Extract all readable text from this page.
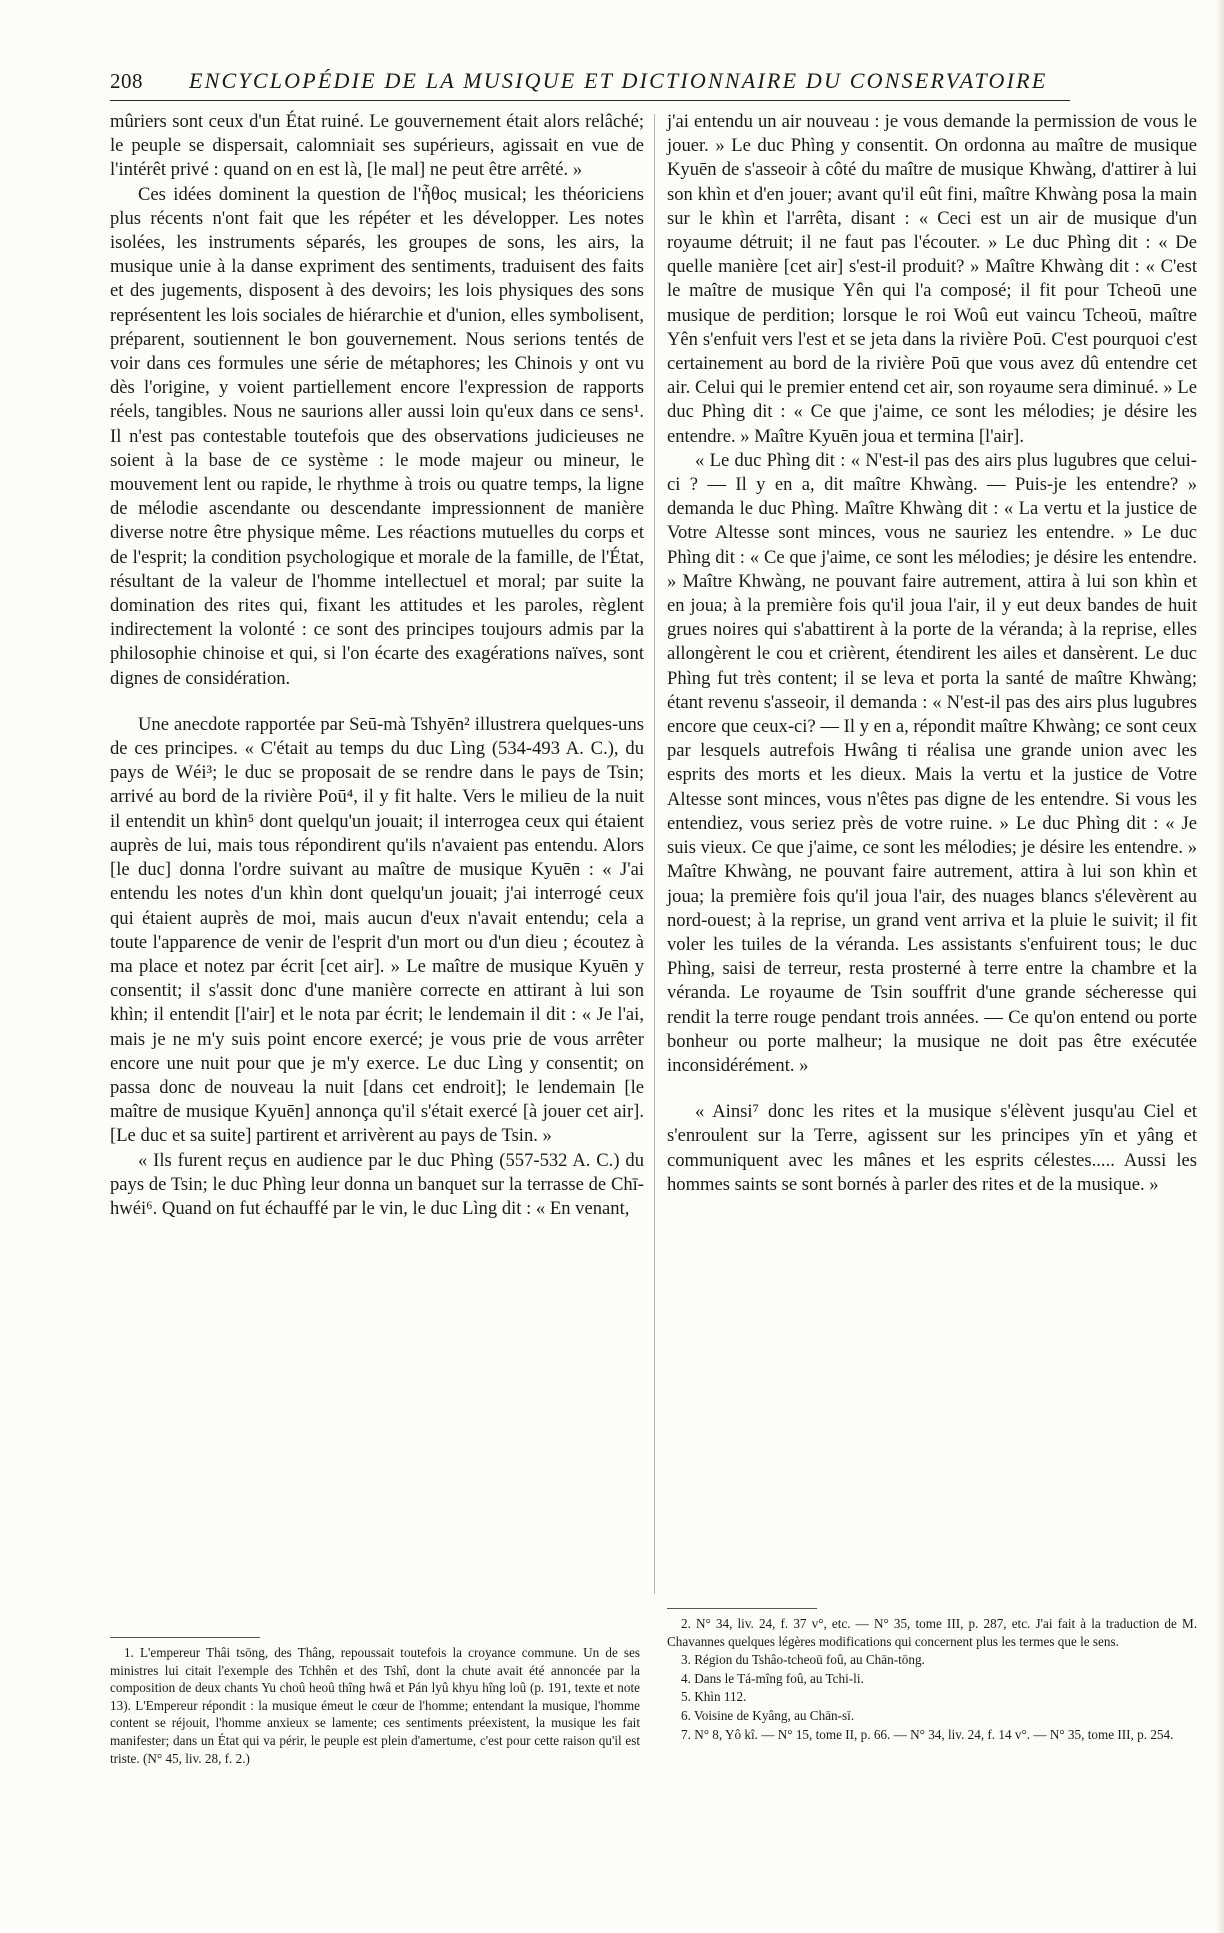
208 ENCYCLOPÉDIE DE LA MUSIQUE ET DICTIONNAIRE DU CONSERVATOIRE

mûriers sont ceux d'un État ruiné. Le gouvernement était alors relâché; le peuple se dispersait, calomniait ses supérieurs, agissait en vue de l'intérêt privé : quand on en est là, [le mal] ne peut être arrêté. »

Ces idées dominent la question de l'ἦθος musical; les théoriciens plus récents n'ont fait que les répéter et les développer. Les notes isolées, les instruments séparés, les groupes de sons, les airs, la musique unie à la danse expriment des sentiments, traduisent des faits et des jugements, disposent à des devoirs; les lois physiques des sons représentent les lois sociales de hiérarchie et d'union, elles symbolisent, préparent, soutiennent le bon gouvernement. Nous serions tentés de voir dans ces formules une série de métaphores; les Chinois y ont vu dès l'origine, y voient partiellement encore l'expression de rapports réels, tangibles. Nous ne saurions aller aussi loin qu'eux dans ce sens¹. Il n'est pas contestable toutefois que des observations judicieuses ne soient à la base de ce système : le mode majeur ou mineur, le mouvement lent ou rapide, le rhythme à trois ou quatre temps, la ligne de mélodie ascendante ou descendante impressionnent de manière diverse notre être physique même. Les réactions mutuelles du corps et de l'esprit; la condition psychologique et morale de la famille, de l'État, résultant de la valeur de l'homme intellectuel et moral; par suite la domination des rites qui, fixant les attitudes et les paroles, règlent indirectement la volonté : ce sont des principes toujours admis par la philosophie chinoise et qui, si l'on écarte des exagérations naïves, sont dignes de considération.

Une anecdote rapportée par Seū-mà Tshyēn² illustrera quelques-uns de ces principes. « C'était au temps du duc Lìng (534-493 A. C.), du pays de Wéi³; le duc se proposait de se rendre dans le pays de Tsin; arrivé au bord de la rivière Poū⁴, il y fit halte. Vers le milieu de la nuit il entendit un khìn⁵ dont quelqu'un jouait; il interrogea ceux qui étaient auprès de lui, mais tous répondirent qu'ils n'avaient pas entendu. Alors [le duc] donna l'ordre suivant au maître de musique Kyuēn : « J'ai entendu les notes d'un khìn dont quelqu'un jouait; j'ai interrogé ceux qui étaient auprès de moi, mais aucun d'eux n'avait entendu; cela a toute l'apparence de venir de l'esprit d'un mort ou d'un dieu ; écoutez à ma place et notez par écrit [cet air]. » Le maître de musique Kyuēn y consentit; il s'assit donc d'une manière correcte en attirant à lui son khìn; il entendit [l'air] et le nota par écrit; le lendemain il dit : « Je l'ai, mais je ne m'y suis point encore exercé; je vous prie de vous arrêter encore une nuit pour que je m'y exerce. Le duc Lìng y consentit; on passa donc de nouveau la nuit [dans cet endroit]; le lendemain [le maître de musique Kyuēn] annonça qu'il s'était exercé [à jouer cet air]. [Le duc et sa suite] partirent et arrivèrent au pays de Tsin. »

« Ils furent reçus en audience par le duc Phìng (557-532 A. C.) du pays de Tsin; le duc Phìng leur donna un banquet sur la terrasse de Chī-hwéi⁶. Quand on fut échauffé par le vin, le duc Lìng dit : « En venant,

j'ai entendu un air nouveau : je vous demande la permission de vous le jouer. » Le duc Phìng y consentit. On ordonna au maître de musique Kyuēn de s'asseoir à côté du maître de musique Khwàng, d'attirer à lui son khìn et d'en jouer; avant qu'il eût fini, maître Khwàng posa la main sur le khìn et l'arrêta, disant : « Ceci est un air de musique d'un royaume détruit; il ne faut pas l'écouter. » Le duc Phìng dit : « De quelle manière [cet air] s'est-il produit? » Maître Khwàng dit : « C'est le maître de musique Yên qui l'a composé; il fit pour Tcheoū une musique de perdition; lorsque le roi Woû eut vaincu Tcheoū, maître Yên s'enfuit vers l'est et se jeta dans la rivière Poū. C'est pourquoi c'est certainement au bord de la rivière Poū que vous avez dû entendre cet air. Celui qui le premier entend cet air, son royaume sera diminué. » Le duc Phìng dit : « Ce que j'aime, ce sont les mélodies; je désire les entendre. » Maître Kyuēn joua et termina [l'air].

« Le duc Phìng dit : « N'est-il pas des airs plus lugubres que celui-ci ? — Il y en a, dit maître Khwàng. — Puis-je les entendre? » demanda le duc Phìng. Maître Khwàng dit : « La vertu et la justice de Votre Altesse sont minces, vous ne sauriez les entendre. » Le duc Phìng dit : « Ce que j'aime, ce sont les mélodies; je désire les entendre. » Maître Khwàng, ne pouvant faire autrement, attira à lui son khìn et en joua; à la première fois qu'il joua l'air, il y eut deux bandes de huit grues noires qui s'abattirent à la porte de la véranda; à la reprise, elles allongèrent le cou et crièrent, étendirent les ailes et dansèrent. Le duc Phìng fut très content; il se leva et porta la santé de maître Khwàng; étant revenu s'asseoir, il demanda : « N'est-il pas des airs plus lugubres encore que ceux-ci? — Il y en a, répondit maître Khwàng; ce sont ceux par lesquels autrefois Hwâng ti réalisa une grande union avec les esprits des morts et les dieux. Mais la vertu et la justice de Votre Altesse sont minces, vous n'êtes pas digne de les entendre. Si vous les entendiez, vous seriez près de votre ruine. » Le duc Phìng dit : « Je suis vieux. Ce que j'aime, ce sont les mélodies; je désire les entendre. » Maître Khwàng, ne pouvant faire autrement, attira à lui son khìn et joua; la première fois qu'il joua l'air, des nuages blancs s'élevèrent au nord-ouest; à la reprise, un grand vent arriva et la pluie le suivit; il fit voler les tuiles de la véranda. Les assistants s'enfuirent tous; le duc Phìng, saisi de terreur, resta prosterné à terre entre la chambre et la véranda. Le royaume de Tsin souffrit d'une grande sécheresse qui rendit la terre rouge pendant trois années. — Ce qu'on entend ou porte bonheur ou porte malheur; la musique ne doit pas être exécutée inconsidérément. »

« Ainsi⁷ donc les rites et la musique s'élèvent jusqu'au Ciel et s'enroulent sur la Terre, agissent sur les principes yīn et yâng et communiquent avec les mânes et les esprits célestes..... Aussi les hommes saints se sont bornés à parler des rites et de la musique. »

1. L'empereur Thâi tsōng, des Thâng, repoussait toutefois la croyance commune. Un de ses ministres lui citait l'exemple des Tchhên et des Tshî, dont la chute avait été annoncée par la composition de deux chants Yu choû heoû thîng hwâ et Pán lyû khyu hîng loû (p. 191, texte et note 13). L'Empereur répondit : la musique émeut le cœur de l'homme; entendant la musique, l'homme content se réjouit, l'homme anxieux se lamente; ces sentiments préexistent, la musique les fait manifester; dans un État qui va périr, le peuple est plein d'amertume, c'est pour cette raison qu'il est triste. (N° 45, liv. 28, f. 2.)

2. N° 34, liv. 24, f. 37 v°, etc. — N° 35, tome III, p. 287, etc. J'ai fait à la traduction de M. Chavannes quelques légères modifications qui concernent plus les termes que le sens.

3. Région du Tshâo-tcheoū foû, au Chān-tōng.

4. Dans le Tá-mîng foû, au Tchi-li.

5. Khìn 112.

6. Voisine de Kyâng, au Chān-sī.

7. N° 8, Yô kî. — N° 15, tome II, p. 66. — N° 34, liv. 24, f. 14 v°. — N° 35, tome III, p. 254.
